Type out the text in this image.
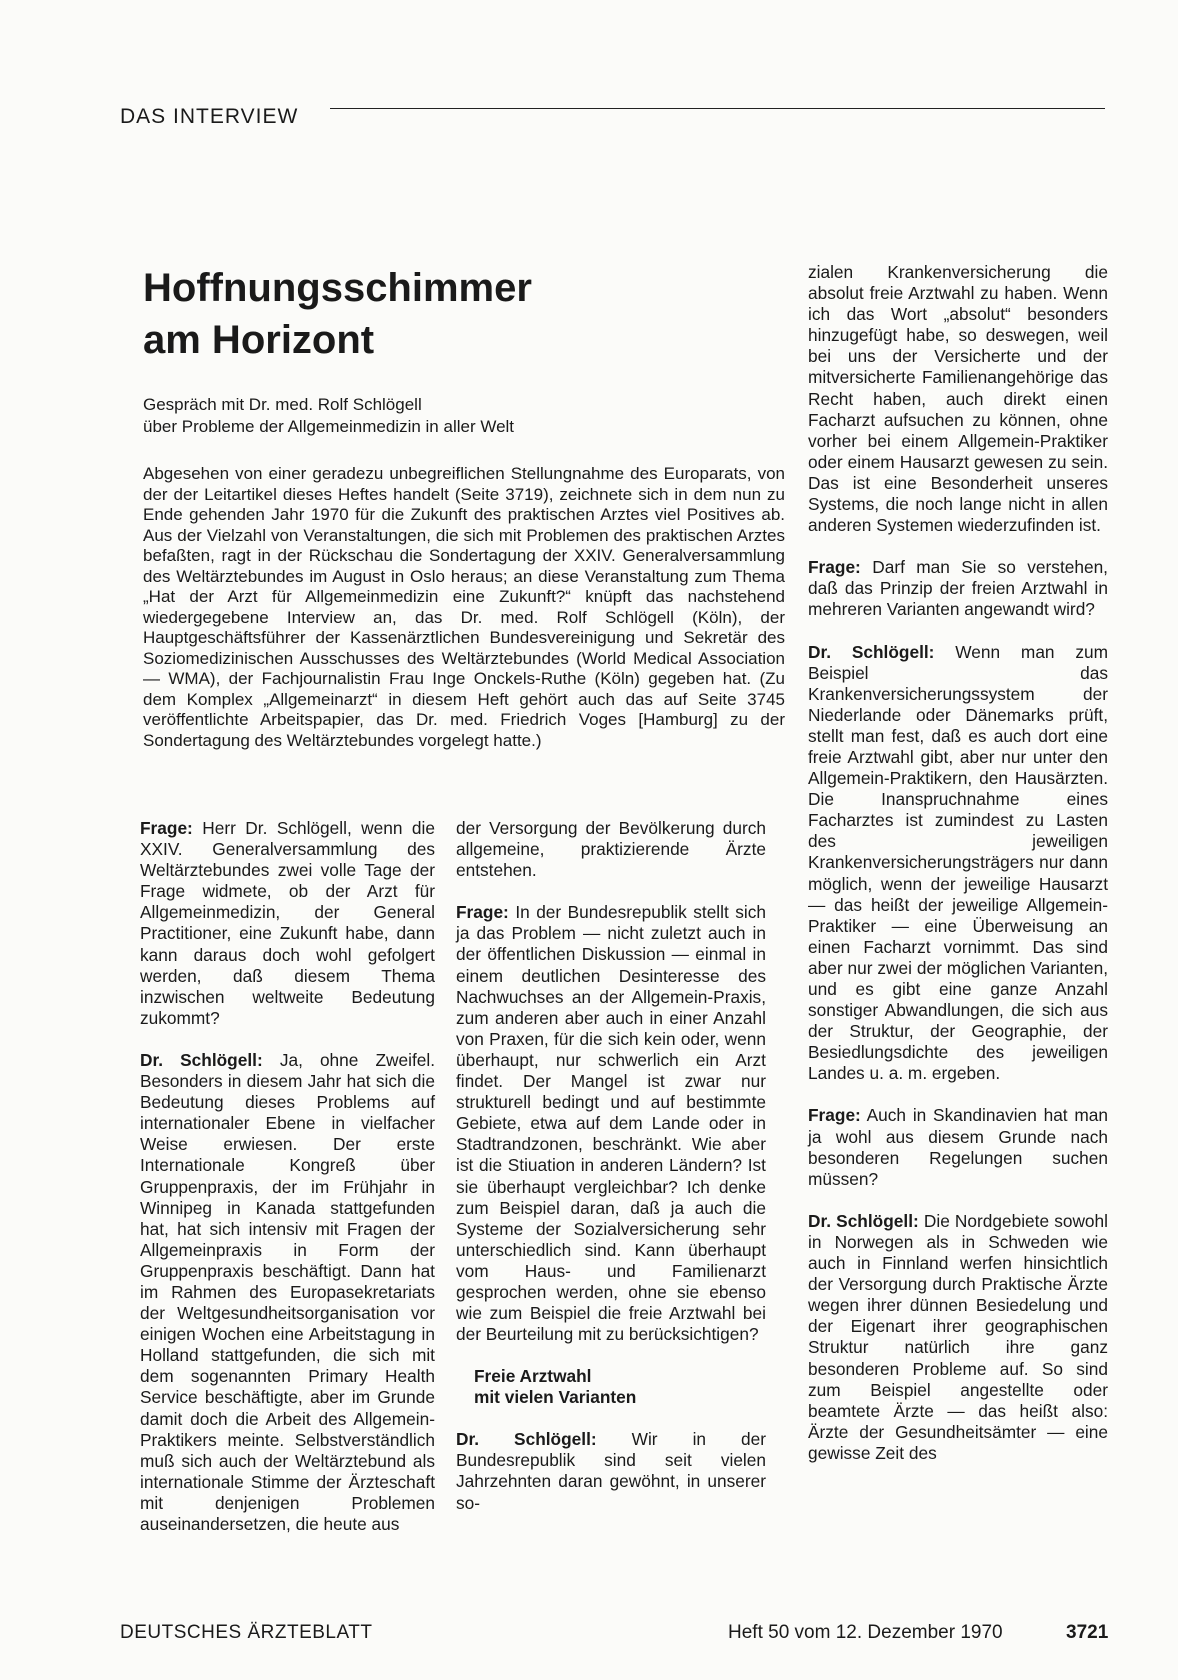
DAS INTERVIEW
Hoffnungsschimmer
am Horizont

Gespräch mit Dr. med. Rolf Schlögell
über Probleme der Allgemeinmedizin in aller Welt

Abgesehen von einer geradezu unbegreiflichen Stellungnahme des Europarats, von der der Leitartikel dieses Heftes handelt (Seite 3719), zeichnete sich in dem nun zu Ende gehenden Jahr 1970 für die Zukunft des praktischen Arztes viel Positives ab. Aus der Vielzahl von Veranstaltungen, die sich mit Problemen des praktischen Arztes befaßten, ragt in der Rückschau die Sondertagung der XXIV. Generalversammlung des Weltärztebundes im August in Oslo heraus; an diese Veranstaltung zum Thema „Hat der Arzt für Allgemeinmedizin eine Zukunft?“ knüpft das nachstehend wiedergegebene Interview an, das Dr. med. Rolf Schlögell (Köln), der Hauptgeschäftsführer der Kassenärztlichen Bundesvereinigung und Sekretär des Soziomedizinischen Ausschusses des Weltärztebundes (World Medical Association — WMA), der Fachjournalistin Frau Inge Onckels-Ruthe (Köln) gegeben hat. (Zu dem Komplex „Allgemeinarzt“ in diesem Heft gehört auch das auf Seite 3745 veröffentlichte Arbeitspapier, das Dr. med. Friedrich Voges [Hamburg] zu der Sondertagung des Weltärztebundes vorgelegt hatte.)

Frage: Herr Dr. Schlögell, wenn die XXIV. Generalversammlung des Weltärztebundes zwei volle Tage der Frage widmete, ob der Arzt für Allgemeinmedizin, der General Practitioner, eine Zukunft habe, dann kann daraus doch wohl gefolgert werden, daß diesem Thema inzwischen weltweite Bedeutung zukommt?

Dr. Schlögell: Ja, ohne Zweifel. Besonders in diesem Jahr hat sich die Bedeutung dieses Problems auf internationaler Ebene in vielfacher Weise erwiesen. Der erste Internationale Kongreß über Gruppenpraxis, der im Frühjahr in Winnipeg in Kanada stattgefunden hat, hat sich intensiv mit Fragen der Allgemeinpraxis in Form der Gruppenpraxis beschäftigt. Dann hat im Rahmen des Europasekretariats der Weltgesundheitsorganisation vor einigen Wochen eine Arbeitstagung in Holland stattgefunden, die sich mit dem sogenannten Primary Health Service beschäftigte, aber im Grunde damit doch die Arbeit des Allgemein-Praktikers meinte. Selbstverständlich muß sich auch der Weltärztebund als internationale Stimme der Ärzteschaft mit denjenigen Problemen auseinandersetzen, die heute aus

der Versorgung der Bevölkerung durch allgemeine, praktizierende Ärzte entstehen.

Frage: In der Bundesrepublik stellt sich ja das Problem — nicht zuletzt auch in der öffentlichen Diskussion — einmal in einem deutlichen Desinteresse des Nachwuchses an der Allgemein-Praxis, zum anderen aber auch in einer Anzahl von Praxen, für die sich kein oder, wenn überhaupt, nur schwerlich ein Arzt findet. Der Mangel ist zwar nur strukturell bedingt und auf bestimmte Gebiete, etwa auf dem Lande oder in Stadtrandzonen, beschränkt. Wie aber ist die Stiuation in anderen Ländern? Ist sie überhaupt vergleichbar? Ich denke zum Beispiel daran, daß ja auch die Systeme der Sozialversicherung sehr unterschiedlich sind. Kann überhaupt vom Haus- und Familienarzt gesprochen werden, ohne sie ebenso wie zum Beispiel die freie Arztwahl bei der Beurteilung mit zu berücksichtigen?

Freie Arztwahl
mit vielen Varianten

Dr. Schlögell: Wir in der Bundesrepublik sind seit vielen Jahrzehnten daran gewöhnt, in unserer so-

zialen Krankenversicherung die absolut freie Arztwahl zu haben. Wenn ich das Wort „absolut“ besonders hinzugefügt habe, so deswegen, weil bei uns der Versicherte und der mitversicherte Familienangehörige das Recht haben, auch direkt einen Facharzt aufsuchen zu können, ohne vorher bei einem Allgemein-Praktiker oder einem Hausarzt gewesen zu sein. Das ist eine Besonderheit unseres Systems, die noch lange nicht in allen anderen Systemen wiederzufinden ist.

Frage: Darf man Sie so verstehen, daß das Prinzip der freien Arztwahl in mehreren Varianten angewandt wird?

Dr. Schlögell: Wenn man zum Beispiel das Krankenversicherungssystem der Niederlande oder Dänemarks prüft, stellt man fest, daß es auch dort eine freie Arztwahl gibt, aber nur unter den Allgemein-Praktikern, den Hausärzten. Die Inanspruchnahme eines Facharztes ist zumindest zu Lasten des jeweiligen Krankenversicherungsträgers nur dann möglich, wenn der jeweilige Hausarzt — das heißt der jeweilige Allgemein-Praktiker — eine Überweisung an einen Facharzt vornimmt. Das sind aber nur zwei der möglichen Varianten, und es gibt eine ganze Anzahl sonstiger Abwandlungen, die sich aus der Struktur, der Geographie, der Besiedlungsdichte des jeweiligen Landes u. a. m. ergeben.

Frage: Auch in Skandinavien hat man ja wohl aus diesem Grunde nach besonderen Regelungen suchen müssen?

Dr. Schlögell: Die Nordgebiete sowohl in Norwegen als in Schweden wie auch in Finnland werfen hinsichtlich der Versorgung durch Praktische Ärzte wegen ihrer dünnen Besiedelung und der Eigenart ihrer geographischen Struktur natürlich ihre ganz besonderen Probleme auf. So sind zum Beispiel angestellte oder beamtete Ärzte — das heißt also: Ärzte der Gesundheitsämter — eine gewisse Zeit des

DEUTSCHES ÄRZTEBLATT	Heft 50 vom 12. Dezember 1970	3721
